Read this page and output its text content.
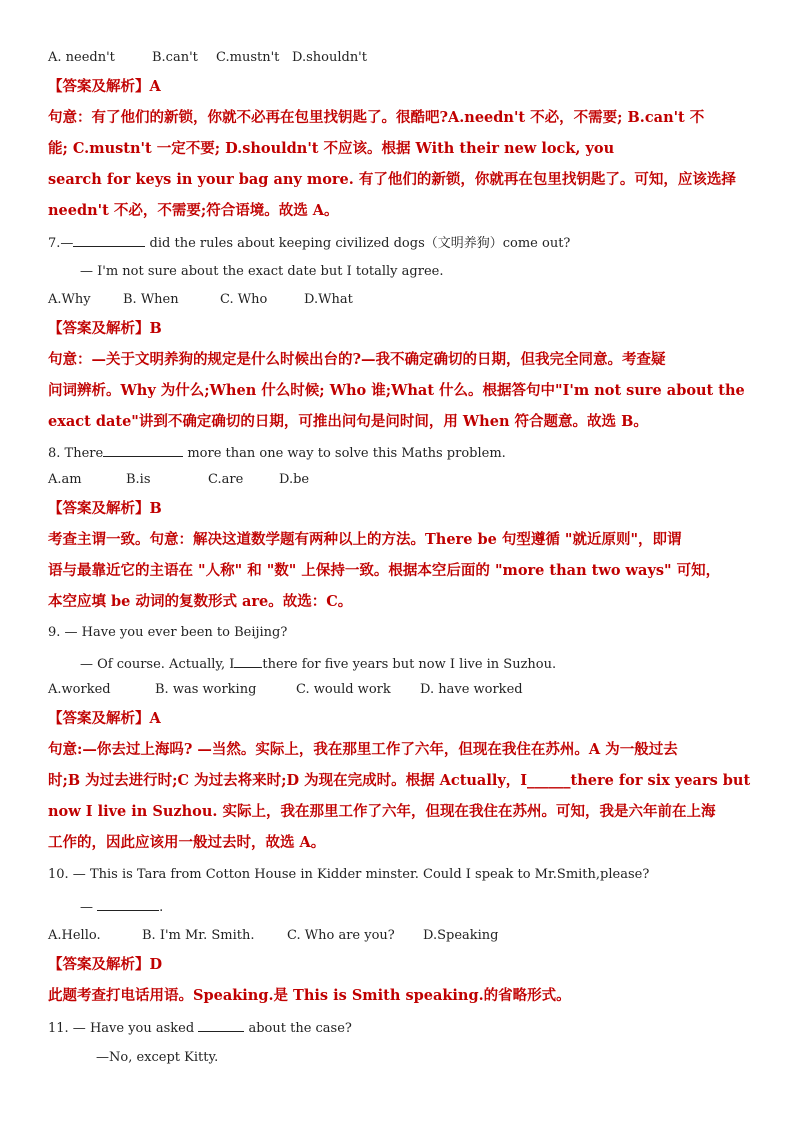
A. needn't	B.can't C.mustn't D.shouldn't
【答案及解析】A
句意：有了他们的新锁，你就不必再在包里找钥匙了。很酷吧?A.needn't 不必，不需要; B.can't 不
能; C.mustn't 一定不要; D.shouldn't 不应该。根据 With their new lock, you
search for keys in your bag any more. 有了他们的新锁，你就再在包里找钥匙了。可知，应该选择
needn't 不必，不需要;符合语境。故选 A。
7.—	did the rules about keeping civilized dogs（文明养狗）come out?
— I'm not sure about the exact date but I totally agree.
A.Why B. When	C. Who	D.What
【答案及解析】B
句意：—关于文明养狗的规定是什么时候出台的?—我不确定确切的日期，但我完全同意。考查疑
问词辨析。Why 为什么;When 什么时候; Who 谁;What 什么。根据答句中"I'm not sure about the
exact date"讲到不确定确切的日期，可推出问句是问时间，用 When 符合题意。故选 B。
8. There	more than one way to solve this Maths problem.
A.am	B.is	C.are	D.be
【答案及解析】B
考查主谓一致。句意：解决这道数学题有两种以上的方法。There be 句型遵循 "就近原则"，即谓
语与最靠近它的主语在 "人称" 和 "数" 上保持一致。根据本空后面的 "more than two ways" 可知，
本空应填 be 动词的复数形式 are。故选：C。
9. — Have you ever been to Beijing?
— Of course. Actually, I there for five years but now I live in Suzhou.
A.worked	B. was working	C. would work D. have worked
【答案及解析】A
句意:—你去过上海吗? —当然。实际上，我在那里工作了六年，但现在我住在苏州。A 为一般过去
时;B 为过去进行时;C 为过去将来时;D 为现在完成时。根据 Actually，I______there for six years but
now I live in Suzhou. 实际上，我在那里工作了六年，但现在我住在苏州。可知，我是六年前在上海
工作的，因此应该用一般过去时，故选 A。
10. — This is Tara from Cotton House in Kidder minster. Could I speak to Mr.Smith,please?
—	.
A.Hello.	B. I'm Mr. Smith.	C. Who are you? D.Speaking
【答案及解析】D
此题考查打电话用语。Speaking.是 This is Smith speaking.的省略形式。
11. — Have you asked	about the case?
—No, except Kitty.
